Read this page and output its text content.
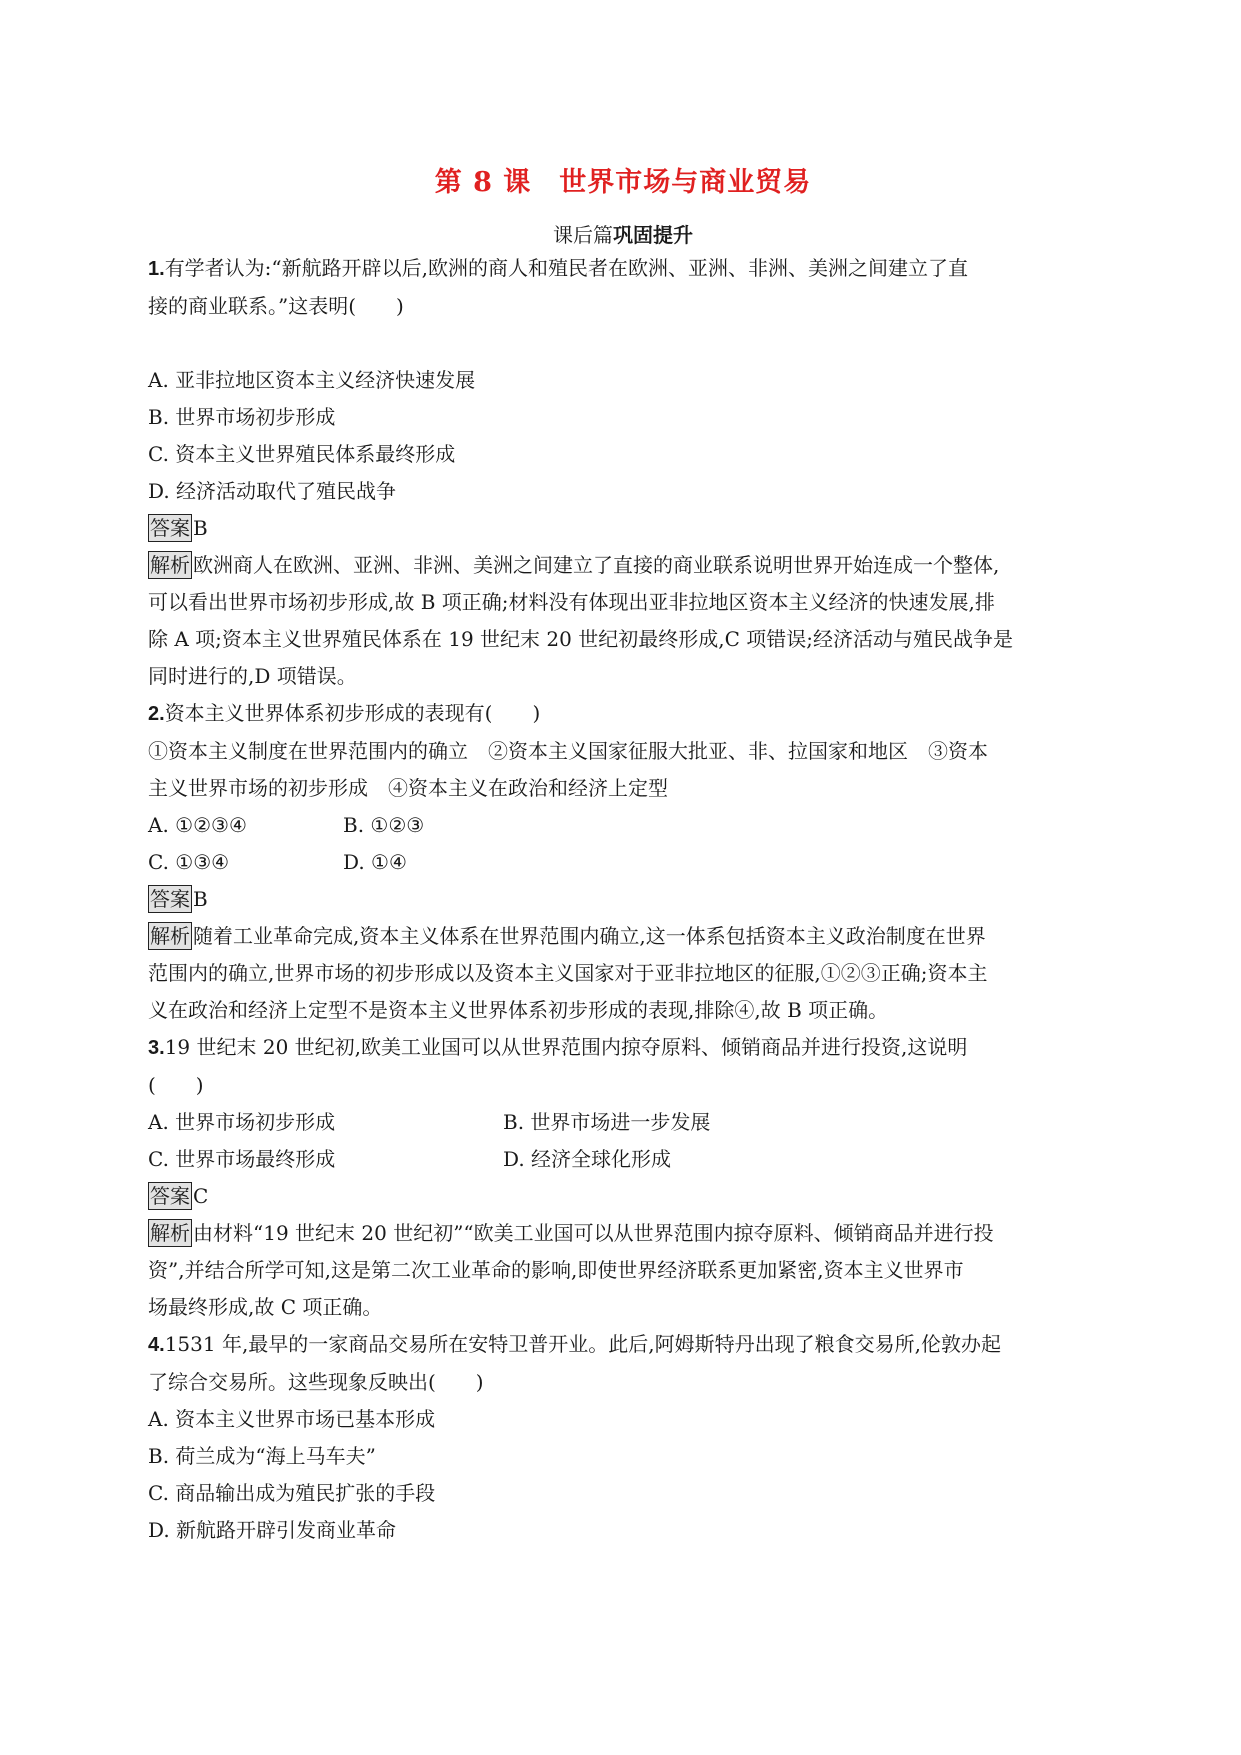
第 8 课　世界市场与商业贸易
课后篇巩固提升
1.有学者认为:“新航路开辟以后,欧洲的商人和殖民者在欧洲、亚洲、非洲、美洲之间建立了直
接的商业联系。”这表明(　　)
A. 亚非拉地区资本主义经济快速发展
B. 世界市场初步形成
C. 资本主义世界殖民体系最终形成
D. 经济活动取代了殖民战争
答案 B
解析 欧洲商人在欧洲、亚洲、非洲、美洲之间建立了直接的商业联系说明世界开始连成一个整体,
可以看出世界市场初步形成,故 B 项正确;材料没有体现出亚非拉地区资本主义经济的快速发展,排
除 A 项;资本主义世界殖民体系在 19 世纪末 20 世纪初最终形成,C 项错误;经济活动与殖民战争是
同时进行的,D 项错误。
2.资本主义世界体系初步形成的表现有(　　)
①资本主义制度在世界范围内的确立　②资本主义国家征服大批亚、非、拉国家和地区　③资本
主义世界市场的初步形成　④资本主义在政治和经济上定型
A. ①②③④	B. ①②③
C. ①③④	D. ①④
答案 B
解析 随着工业革命完成,资本主义体系在世界范围内确立,这一体系包括资本主义政治制度在世界
范围内的确立,世界市场的初步形成以及资本主义国家对于亚非拉地区的征服,①②③正确;资本主
义在政治和经济上定型不是资本主义世界体系初步形成的表现,排除④,故 B 项正确。
3.19 世纪末 20 世纪初,欧美工业国可以从世界范围内掠夺原料、倾销商品并进行投资,这说明
(　　)
A. 世界市场初步形成	B. 世界市场进一步发展
C. 世界市场最终形成	D. 经济全球化形成
答案 C
解析 由材料“19 世纪末 20 世纪初”“欧美工业国可以从世界范围内掠夺原料、倾销商品并进行投
资”,并结合所学可知,这是第二次工业革命的影响,即使世界经济联系更加紧密,资本主义世界市
场最终形成,故 C 项正确。
4.1531 年,最早的一家商品交易所在安特卫普开业。此后,阿姆斯特丹出现了粮食交易所,伦敦办起
了综合交易所。这些现象反映出(　　)
A. 资本主义世界市场已基本形成
B. 荷兰成为“海上马车夫”
C. 商品输出成为殖民扩张的手段
D. 新航路开辟引发商业革命
